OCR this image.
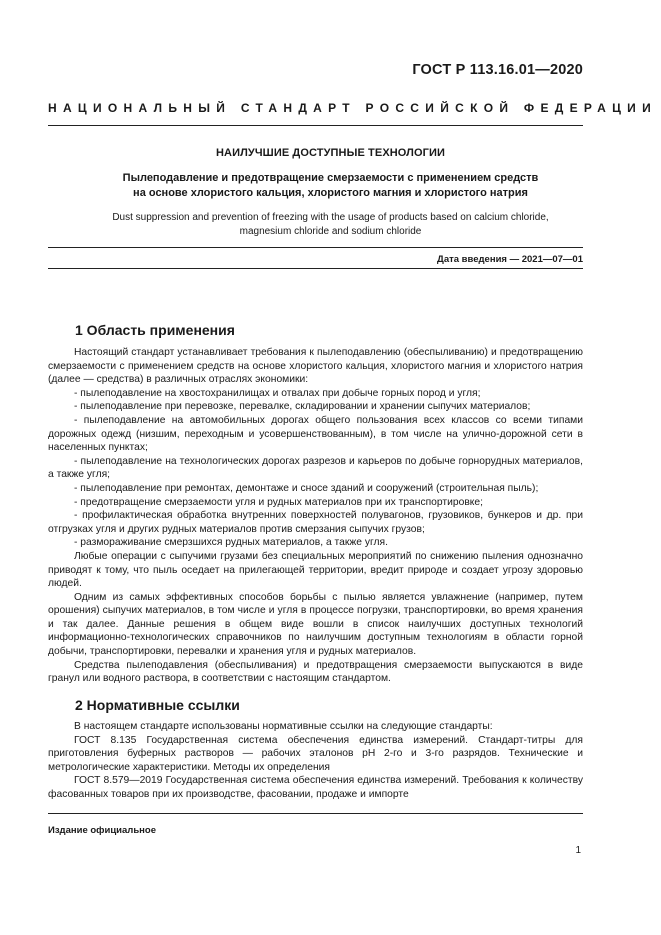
ГОСТ Р 113.16.01—2020
НАЦИОНАЛЬНЫЙ СТАНДАРТ РОССИЙСКОЙ ФЕДЕРАЦИИ
НАИЛУЧШИЕ ДОСТУПНЫЕ ТЕХНОЛОГИИ
Пылеподавление и предотвращение смерзаемости с применением средств
на основе хлористого кальция, хлористого магния и хлористого натрия
Dust suppression and prevention of freezing with the usage of products based on calcium chloride,
magnesium chloride and sodium chloride
Дата введения — 2021—07—01
1 Область применения

Настоящий стандарт устанавливает требования к пылеподавлению (обеспыливанию) и предотвращению смерзаемости с применением средств на основе хлористого кальция, хлористого магния и хлористого натрия (далее — средства) в различных отраслях экономики:

- пылеподавление на хвостохранилищах и отвалах при добыче горных пород и угля;

- пылеподавление при перевозке, перевалке, складировании и хранении сыпучих материалов;

- пылеподавление на автомобильных дорогах общего пользования всех классов со всеми типами дорожных одежд (низшим, переходным и усовершенствованным), в том числе на улично-дорожной сети в населенных пунктах;

- пылеподавление на технологических дорогах разрезов и карьеров по добыче горнорудных материалов, а также угля;

- пылеподавление при ремонтах, демонтаже и сносе зданий и сооружений (строительная пыль);

- предотвращение смерзаемости угля и рудных материалов при их транспортировке;

- профилактическая обработка внутренних поверхностей полувагонов, грузовиков, бункеров и др. при отгрузках угля и других рудных материалов против смерзания сыпучих грузов;

- размораживание смерзшихся рудных материалов, а также угля.

Любые операции с сыпучими грузами без специальных мероприятий по снижению пыления однозначно приводят к тому, что пыль оседает на прилегающей территории, вредит природе и создает угрозу здоровью людей.

Одним из самых эффективных способов борьбы с пылью является увлажнение (например, путем орошения) сыпучих материалов, в том числе и угля в процессе погрузки, транспортировки, во время хранения и так далее. Данные решения в общем виде вошли в список наилучших доступных технологий информационно-технологических справочников по наилучшим доступным технологиям в области горной добычи, транспортировки, перевалки и хранения угля и рудных материалов.

Средства пылеподавления (обеспыливания) и предотвращения смерзаемости выпускаются в виде гранул или водного раствора, в соответствии с настоящим стандартом.

2 Нормативные ссылки

В настоящем стандарте использованы нормативные ссылки на следующие стандарты:

ГОСТ 8.135 Государственная система обеспечения единства измерений. Стандарт-титры для приготовления буферных растворов — рабочих эталонов pH 2-го и 3-го разрядов. Технические и метрологические характеристики. Методы их определения

ГОСТ 8.579—2019 Государственная система обеспечения единства измерений. Требования к количеству фасованных товаров при их производстве, фасовании, продаже и импорте

Издание официальное
1
